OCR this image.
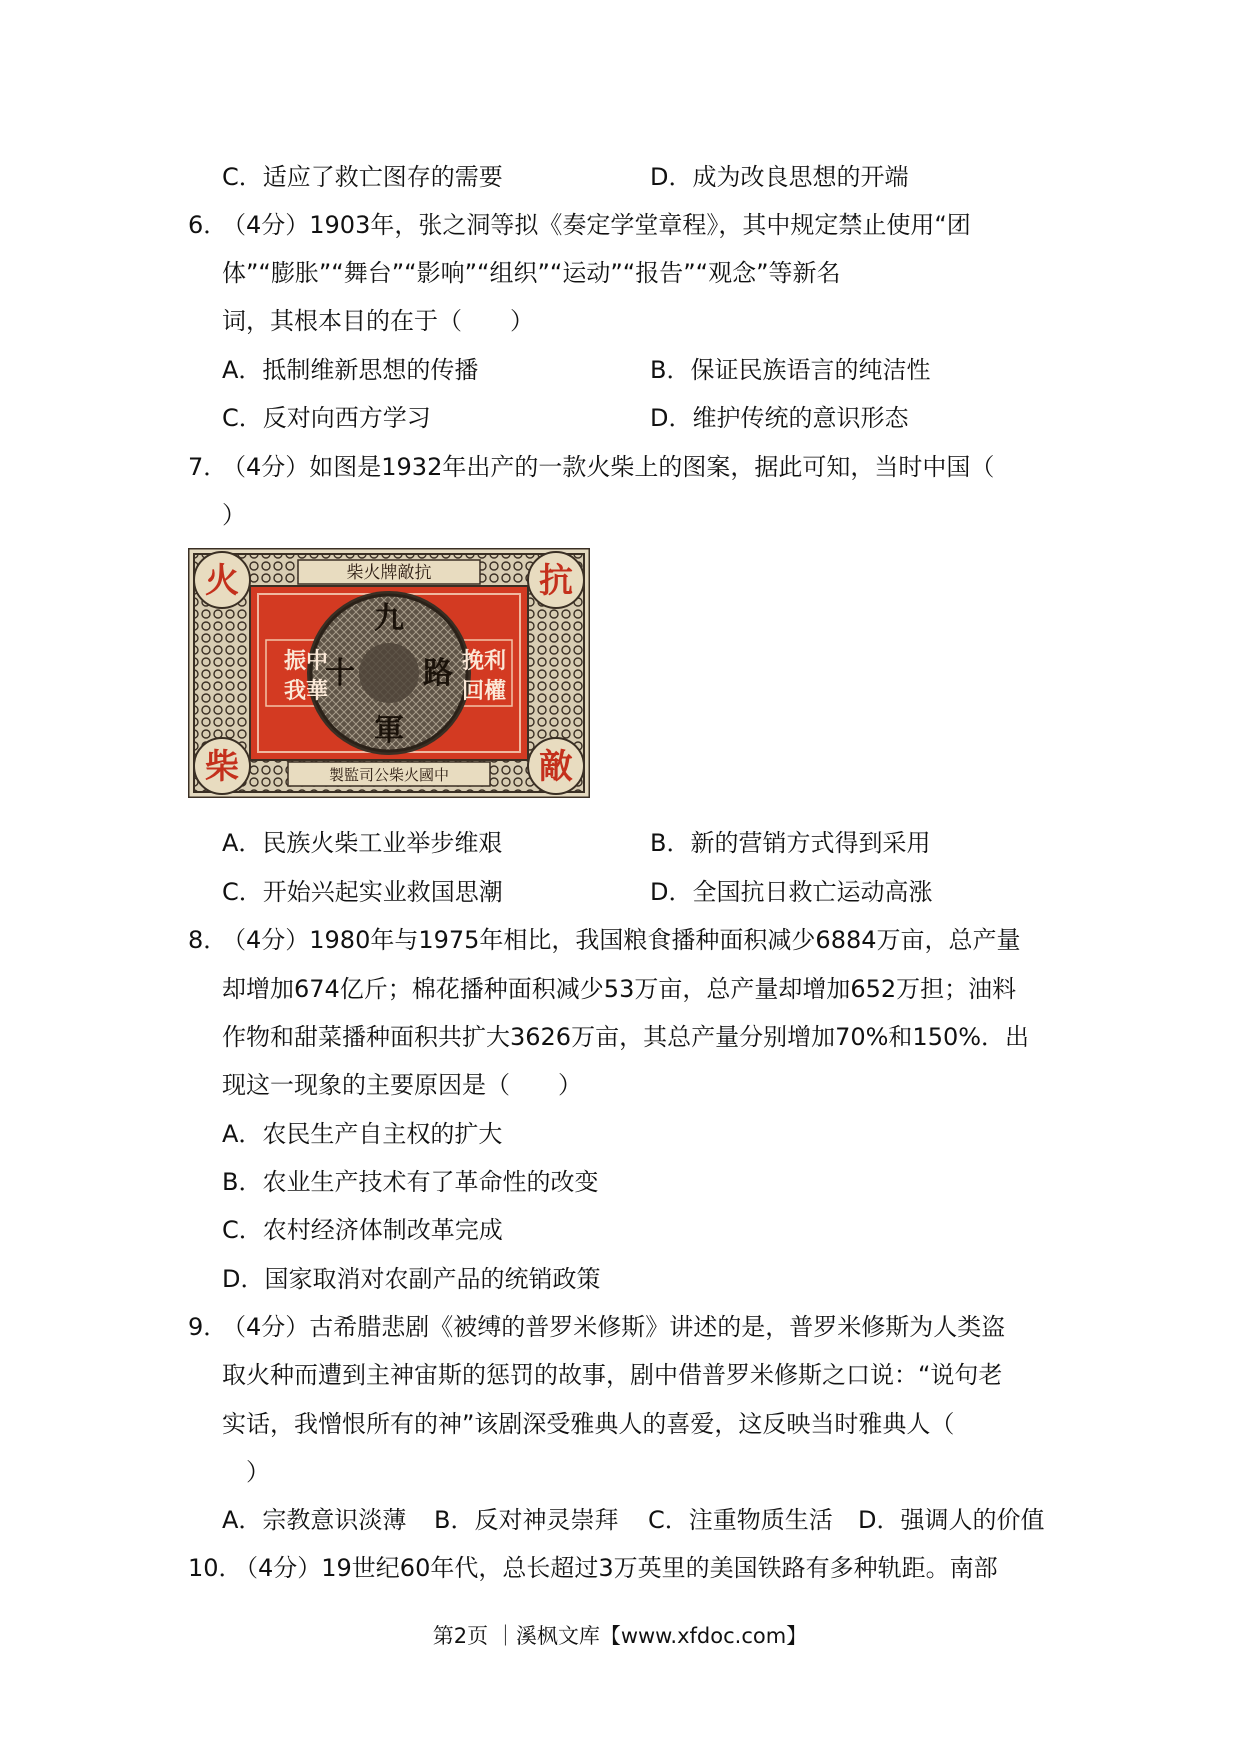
C．适应了救亡图存的需要	D．成为改良思想的开端
6．
（4分）1903年，张之洞等拟《奏定学堂章程》，其中规定禁止使用“团
体”“膨胀”“舞台”“影响”“组织”“运动”“报告”“观念”等新名
词，其根本目的在于（　　）
A．抵制维新思想的传播	B．保证民族语言的纯洁性
C．反对向西方学习	D．维护传统的意识形态
7．
（4分）如图是1932年出产的一款火柴上的图案，据此可知，当时中国（
）
柴火牌敵抗
製監司公柴火國中
火	抗
柴	敵
振中
我華
挽利
回權
九
十 路
軍
A．民族火柴工业举步维艰	B．新的营销方式得到采用
C．开始兴起实业救国思潮	D．全国抗日救亡运动高涨
8．
（4分）1980年与1975年相比，我国粮食播种面积减少6884万亩，总产量
却增加674亿斤；棉花播种面积减少53万亩，总产量却增加652万担；油料
作物和甜菜播种面积共扩大3626万亩，其总产量分别增加70%和150%．出
现这一现象的主要原因是（　　）
A．农民生产自主权的扩大
B．农业生产技术有了革命性的改变
C．农村经济体制改革完成
D．国家取消对农副产品的统销政策
9．
（4分）古希腊悲剧《被缚的普罗米修斯》讲述的是，普罗米修斯为人类盗
取火种而遭到主神宙斯的惩罚的故事，剧中借普罗米修斯之口说：“说句老
实话，我憎恨所有的神”该剧深受雅典人的喜爱，这反映当时雅典人（
）
A．宗教意识淡薄 B．反对神灵崇拜 C．注重物质生活 D．强调人的价值
10．
（4分）19世纪60年代，总长超过3万英里的美国铁路有多种轨距。南部
第2页 ｜溪枫文库【www.xfdoc.com】
